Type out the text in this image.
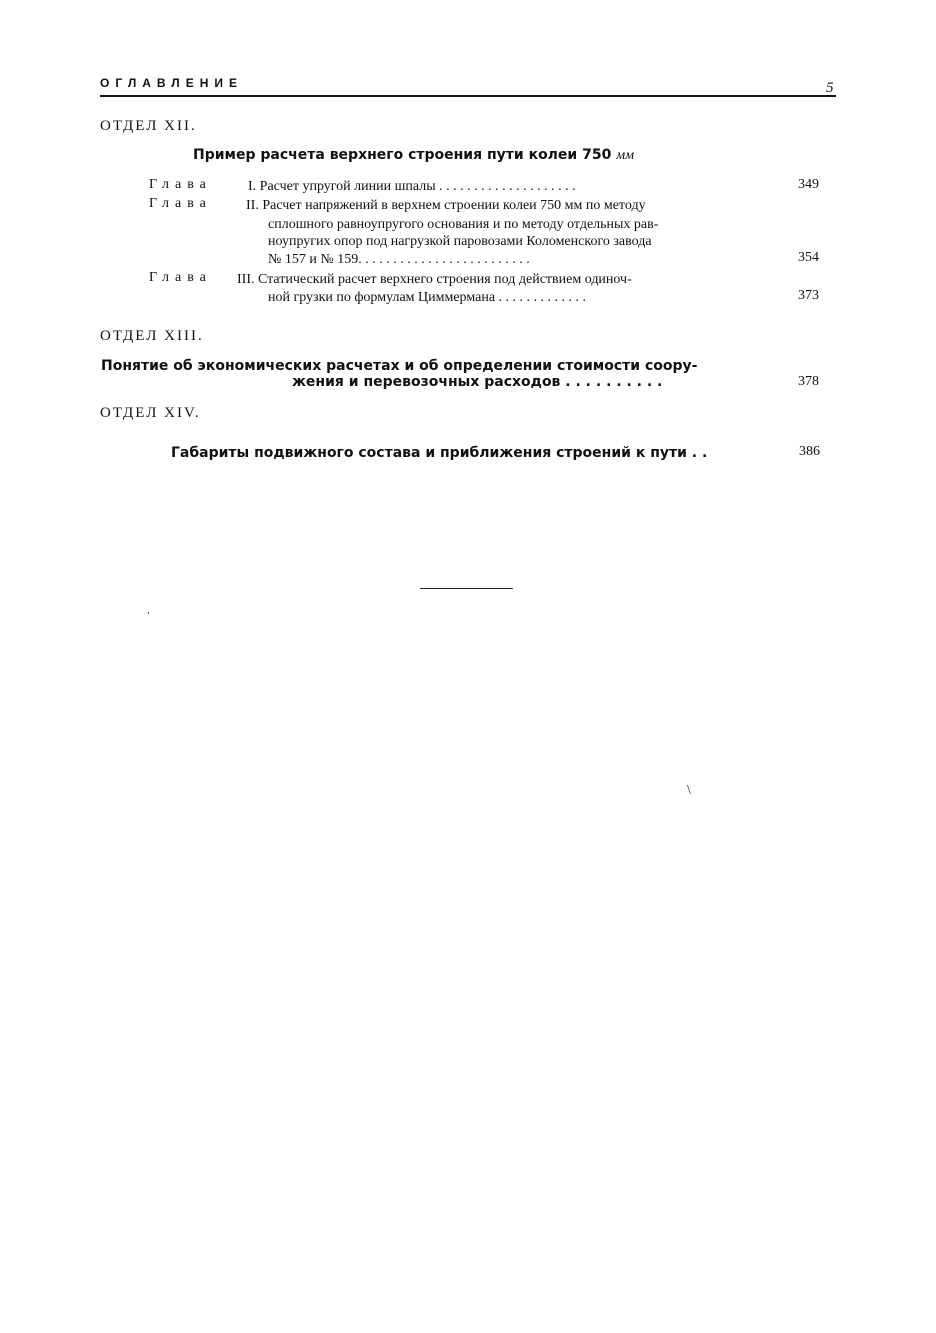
ОГЛАВЛЕНИЕ	5
ОТДЕЛ XII.
Пример расчета верхнего строения пути колеи 750 мм
Глава	I. Расчет упругой линии шпалы . . . . . . . . . . . . . . . . . . . .	349
Глава II. Расчет напряжений в верхнем строении колеи 750 мм по методу
сплошного равноупругого основания и по методу отдельных рав-
ноупругих опор под нагрузкой паровозами Коломенского завода
№ 157 и № 159. . . . . . . . . . . . . . . . . . . . . . . . .	354
Глава III. Статический расчет верхнего строения под действием одиноч-
ной грузки по формулам Циммермана . . . . . . . . . . . . .	373
ОТДЕЛ XIII.
Понятие об экономических расчетах и об определении стоимости соору-
жения и перевозочных расходов . . . . . . . . . .	378
ОТДЕЛ XIV.
Габариты подвижного состава и приближения строений к пути . .	386
ˌ
\
